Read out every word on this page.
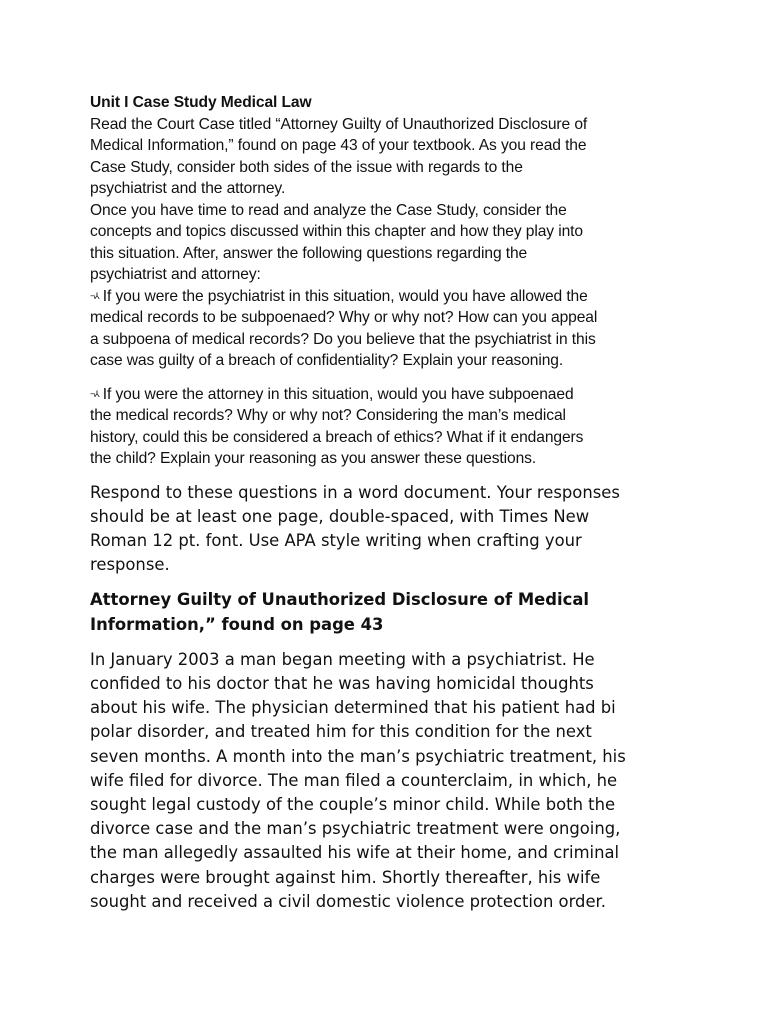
Unit I Case Study Medical Law

Read the Court Case titled “Attorney Guilty of Unauthorized Disclosure of
Medical Information,” found on page 43 of your textbook. As you read the
Case Study, consider both sides of the issue with regards to the
psychiatrist and the attorney.

Once you have time to read and analyze the Case Study, consider the
concepts and topics discussed within this chapter and how they play into
this situation. After, answer the following questions regarding the
psychiatrist and attorney:

¬⅄ If you were the psychiatrist in this situation, would you have allowed the
medical records to be subpoenaed? Why or why not? How can you appeal
a subpoena of medical records? Do you believe that the psychiatrist in this
case was guilty of a breach of confidentiality? Explain your reasoning.

¬⅄ If you were the attorney in this situation, would you have subpoenaed
the medical records? Why or why not? Considering the man’s medical
history, could this be considered a breach of ethics? What if it endangers
the child? Explain your reasoning as you answer these questions.

Respond to these questions in a word document. Your responses
should be at least one page, double-spaced, with Times New
Roman 12 pt. font. Use APA style writing when crafting your
response.

Attorney Guilty of Unauthorized Disclosure of Medical
Information,” found on page 43

In January 2003 a man began meeting with a psychiatrist. He
confided to his doctor that he was having homicidal thoughts
about his wife. The physician determined that his patient had bi
polar disorder, and treated him for this condition for the next
seven months. A month into the man’s psychiatric treatment, his
wife filed for divorce. The man filed a counterclaim, in which, he
sought legal custody of the couple’s minor child. While both the
divorce case and the man’s psychiatric treatment were ongoing,
the man allegedly assaulted his wife at their home, and criminal
charges were brought against him. Shortly thereafter, his wife
sought and received a civil domestic violence protection order.
